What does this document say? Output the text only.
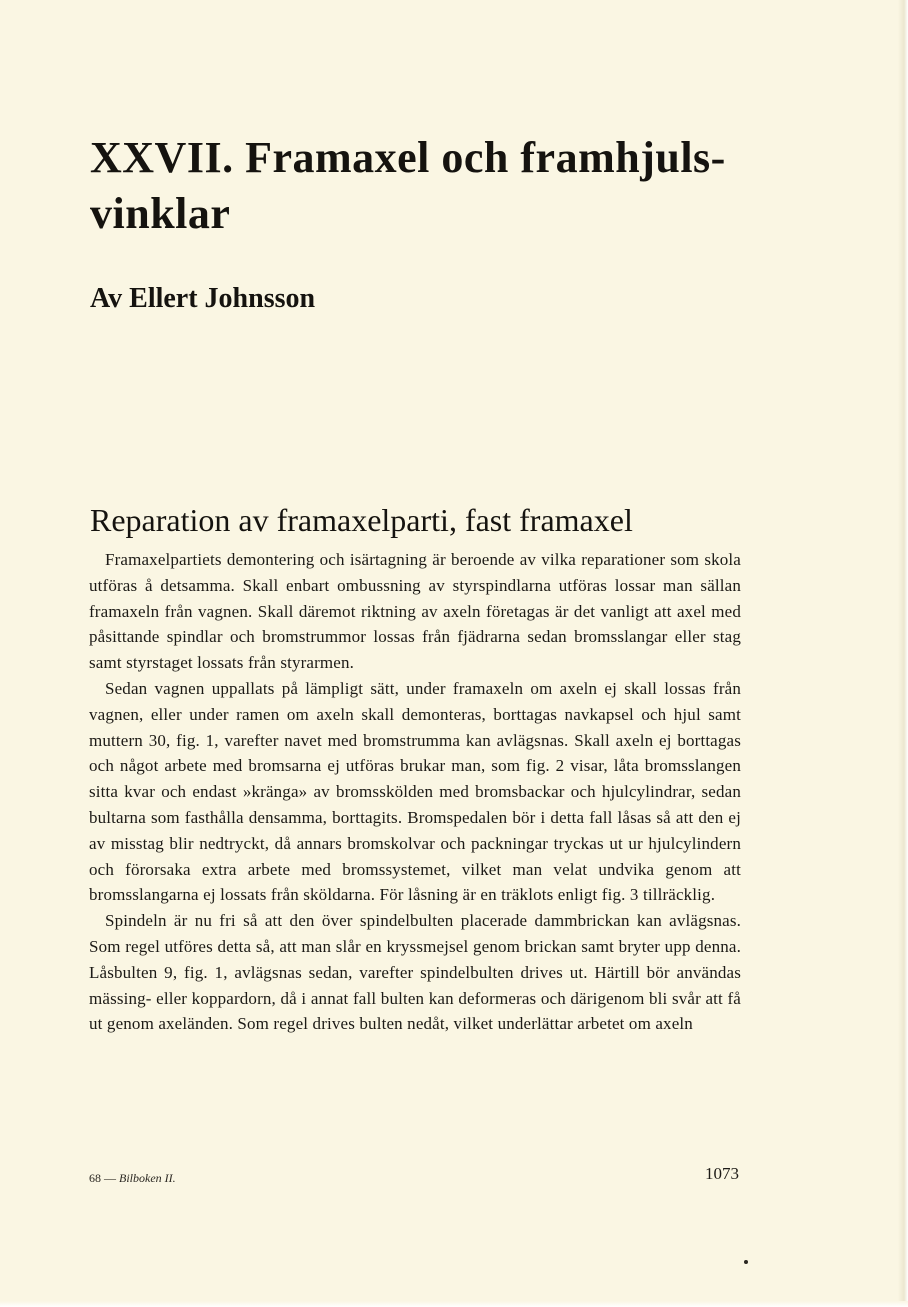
XXVII. Framaxel och framhjuls-vinklar
Av Ellert Johnsson
Reparation av framaxelparti, fast framaxel

Framaxelpartiets demontering och isärtagning är beroende av vilka reparationer som skola utföras å detsamma. Skall enbart ombussning av styrspindlarna utföras lossar man sällan framaxeln från vagnen. Skall däremot riktning av axeln företagas är det vanligt att axel med påsittande spindlar och bromstrummor lossas från fjädrarna sedan bromsslangar eller stag samt styrstaget lossats från styrarmen.

Sedan vagnen uppallats på lämpligt sätt, under framaxeln om axeln ej skall lossas från vagnen, eller under ramen om axeln skall demonteras, borttagas navkapsel och hjul samt muttern 30, fig. 1, varefter navet med bromstrumma kan avlägsnas. Skall axeln ej borttagas och något arbete med bromsarna ej utföras brukar man, som fig. 2 visar, låta bromsslangen sitta kvar och endast »kränga» av bromsskölden med bromsbackar och hjulcylindrar, sedan bultarna som fasthålla densamma, borttagits. Bromspedalen bör i detta fall låsas så att den ej av misstag blir nedtryckt, då annars bromskolvar och packningar tryckas ut ur hjulcylindern och förorsaka extra arbete med bromssystemet, vilket man velat undvika genom att bromsslangarna ej lossats från sköldarna. För låsning är en träklots enligt fig. 3 tillräcklig.

Spindeln är nu fri så att den över spindelbulten placerade dammbrickan kan avlägsnas. Som regel utföres detta så, att man slår en kryssmejsel genom brickan samt bryter upp denna. Låsbulten 9, fig. 1, avlägsnas sedan, varefter spindelbulten drives ut. Härtill bör användas mässing- eller koppardorn, då i annat fall bulten kan deformeras och därigenom bli svår att få ut genom axeländen. Som regel drives bulten nedåt, vilket underlättar arbetet om axeln

68 — Bilboken II.	1073
